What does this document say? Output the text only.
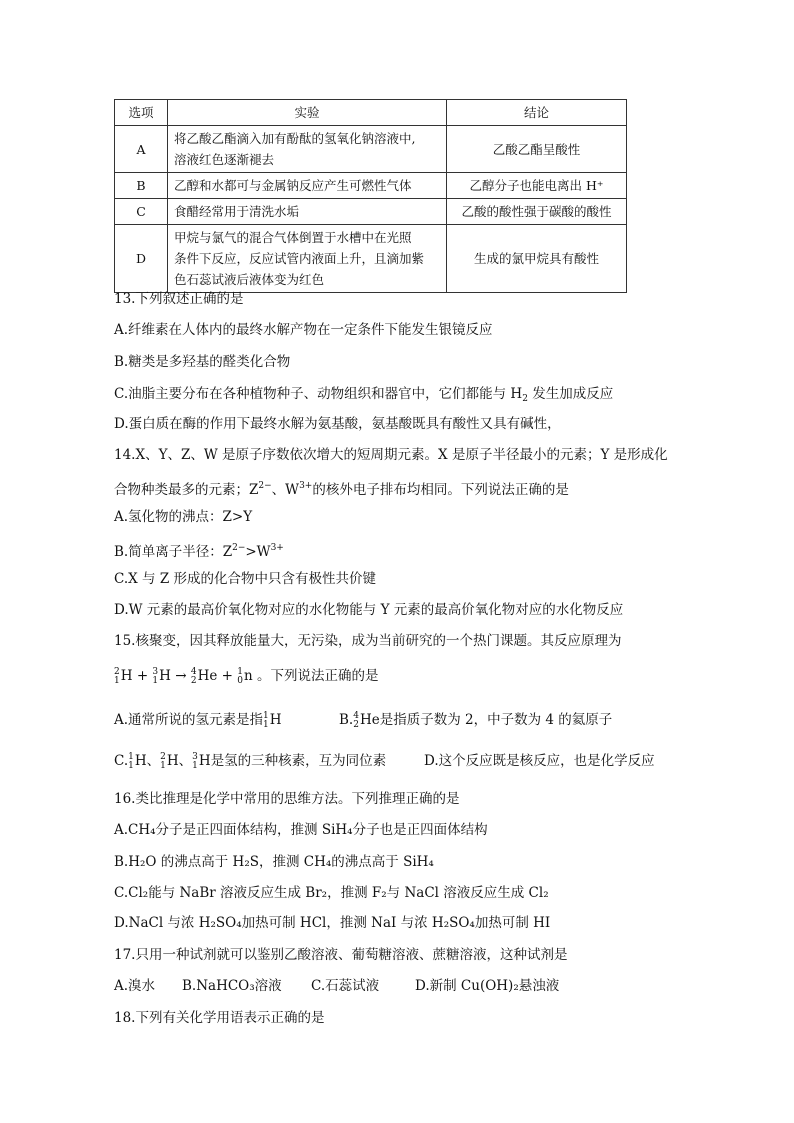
选项	实验	结论
A	将乙酸乙酯滴入加有酚酞的氢氧化钠溶液中,
溶液红色逐渐褪去	乙酸乙酯呈酸性
B	乙醇和水都可与金属钠反应产生可燃性气体	乙醇分子也能电离出 H⁺
C	食醋经常用于清洗水垢	乙酸的酸性强于碳酸的酸性
D	甲烷与氯气的混合气体倒置于水槽中在光照
条件下反应，反应试管内液面上升，且滴加紫
色石蕊试液后液体变为红色	生成的氯甲烷具有酸性
13.下列叙述正确的是
A.纤维素在人体内的最终水解产物在一定条件下能发生银镜反应
B.糖类是多羟基的醛类化合物
C.油脂主要分布在各种植物种子、动物组织和器官中，它们都能与 $H_2$ 发生加成反应
D.蛋白质在酶的作用下最终水解为氨基酸，氨基酸既具有酸性又具有碱性，
14.X、Y、Z、W 是原子序数依次增大的短周期元素。X 是原子半径最小的元素；Y 是形成化
合物种类最多的元素；$Z^{2-}$、$W^{3+}$的核外电子排布均相同。下列说法正确的是
A.氢化物的沸点：Z>Y
B.简单离子半径：$Z^{2-}>W^{3+}$
C.X 与 Z 形成的化合物中只含有极性共价键
D.W 元素的最高价氧化物对应的水化物能与 Y 元素的最高价氧化物对应的水化物反应
15.核聚变，因其释放能量大，无污染，成为当前研究的一个热门课题。其反应原理为
2
1 H + 3
1 H → 4
2 He + 1
0 n 。下列说法正确的是
A.通常所说的氢元素是指 1
1 H	B. 4
2 He是指质子数为 2，中子数为 4 的氦原子
C. 1
1 H、 2
1 H、 3
1 H是氢的三种核素，互为同位素	D.这个反应既是核反应，也是化学反应
16.类比推理是化学中常用的思维方法。下列推理正确的是
A.CH₄分子是正四面体结构，推测 SiH₄分子也是正四面体结构
B.H₂O 的沸点高于 H₂S，推测 CH₄的沸点高于 SiH₄
C.Cl₂能与 NaBr 溶液反应生成 Br₂，推测 F₂与 NaCl 溶液反应生成 Cl₂
D.NaCl 与浓 H₂SO₄加热可制 HCl，推测 NaI 与浓 H₂SO₄加热可制 HI
17.只用一种试剂就可以鉴别乙酸溶液、葡萄糖溶液、蔗糖溶液，这种试剂是
A.溴水 B.NaHCO₃溶液 C.石蕊试液	D.新制 Cu(OH)₂悬浊液
18.下列有关化学用语表示正确的是
